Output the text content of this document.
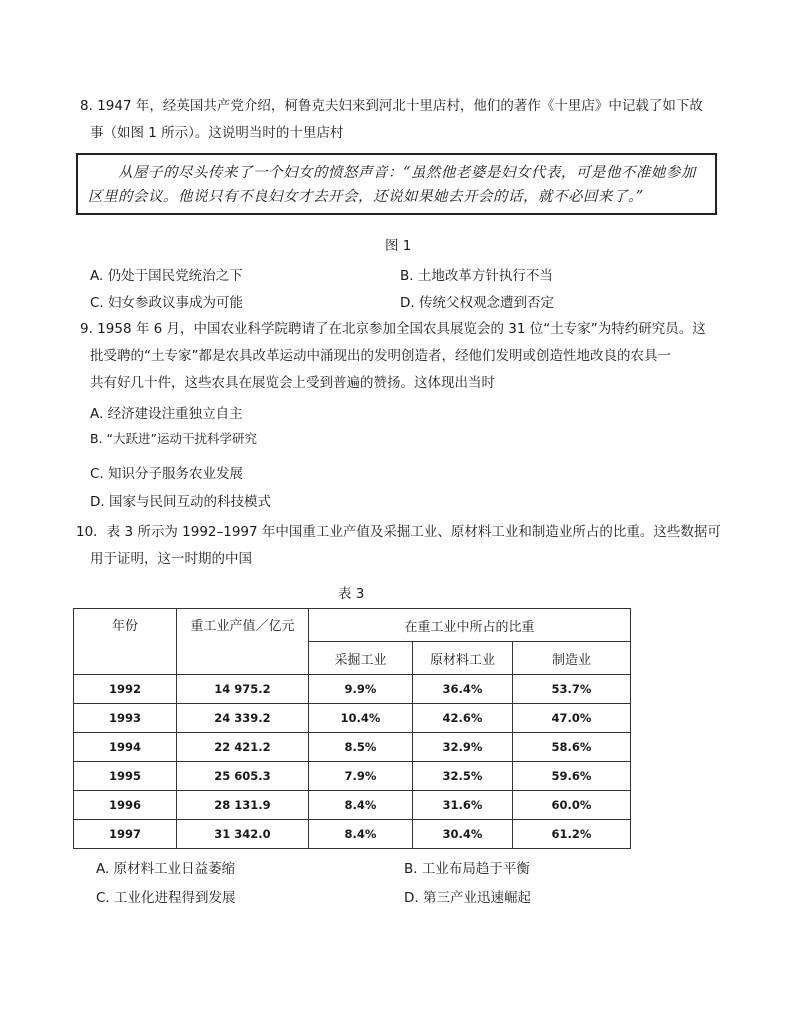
8. 1947 年，经英国共产党介绍，柯鲁克夫妇来到河北十里店村，他们的著作《十里店》中记载了如下故
事（如图 1 所示）。这说明当时的十里店村
从屋子的尽头传来了一个妇女的愤怒声音：“虽然他老婆是妇女代表，可是他不准她参加
区里的会议。他说只有不良妇女才去开会，还说如果她去开会的话，就不必回来了。”
图 1
A. 仍处于国民党统治之下	B. 土地改革方针执行不当
C. 妇女参政议事成为可能	D. 传统父权观念遭到否定
9. 1958 年 6 月，中国农业科学院聘请了在北京参加全国农具展览会的 31 位“土专家”为特约研究员。这
批受聘的“土专家”都是农具改革运动中涌现出的发明创造者，经他们发明或创造性地改良的农具一
共有好几十件，这些农具在展览会上受到普遍的赞扬。这体现出当时
A. 经济建设注重独立自主
B. “大跃进”运动干扰科学研究
C. 知识分子服务农业发展
D. 国家与民间互动的科技模式
10．表 3 所示为 1992–1997 年中国重工业产值及采掘工业、原材料工业和制造业所占的比重。这些数据可
用于证明，这一时期的中国
表 3
年份	重工业产值／亿元	在重工业中所占的比重		
		采掘工业	原材料工业	制造业
1992	14 975.2	9.9%	36.4%	53.7%
1993	24 339.2	10.4%	42.6%	47.0%
1994	22 421.2	8.5%	32.9%	58.6%
1995	25 605.3	7.9%	32.5%	59.6%
1996	28 131.9	8.4%	31.6%	60.0%
1997	31 342.0	8.4%	30.4%	61.2%
A. 原材料工业日益萎缩	B. 工业布局趋于平衡
C. 工业化进程得到发展	D. 第三产业迅速崛起
